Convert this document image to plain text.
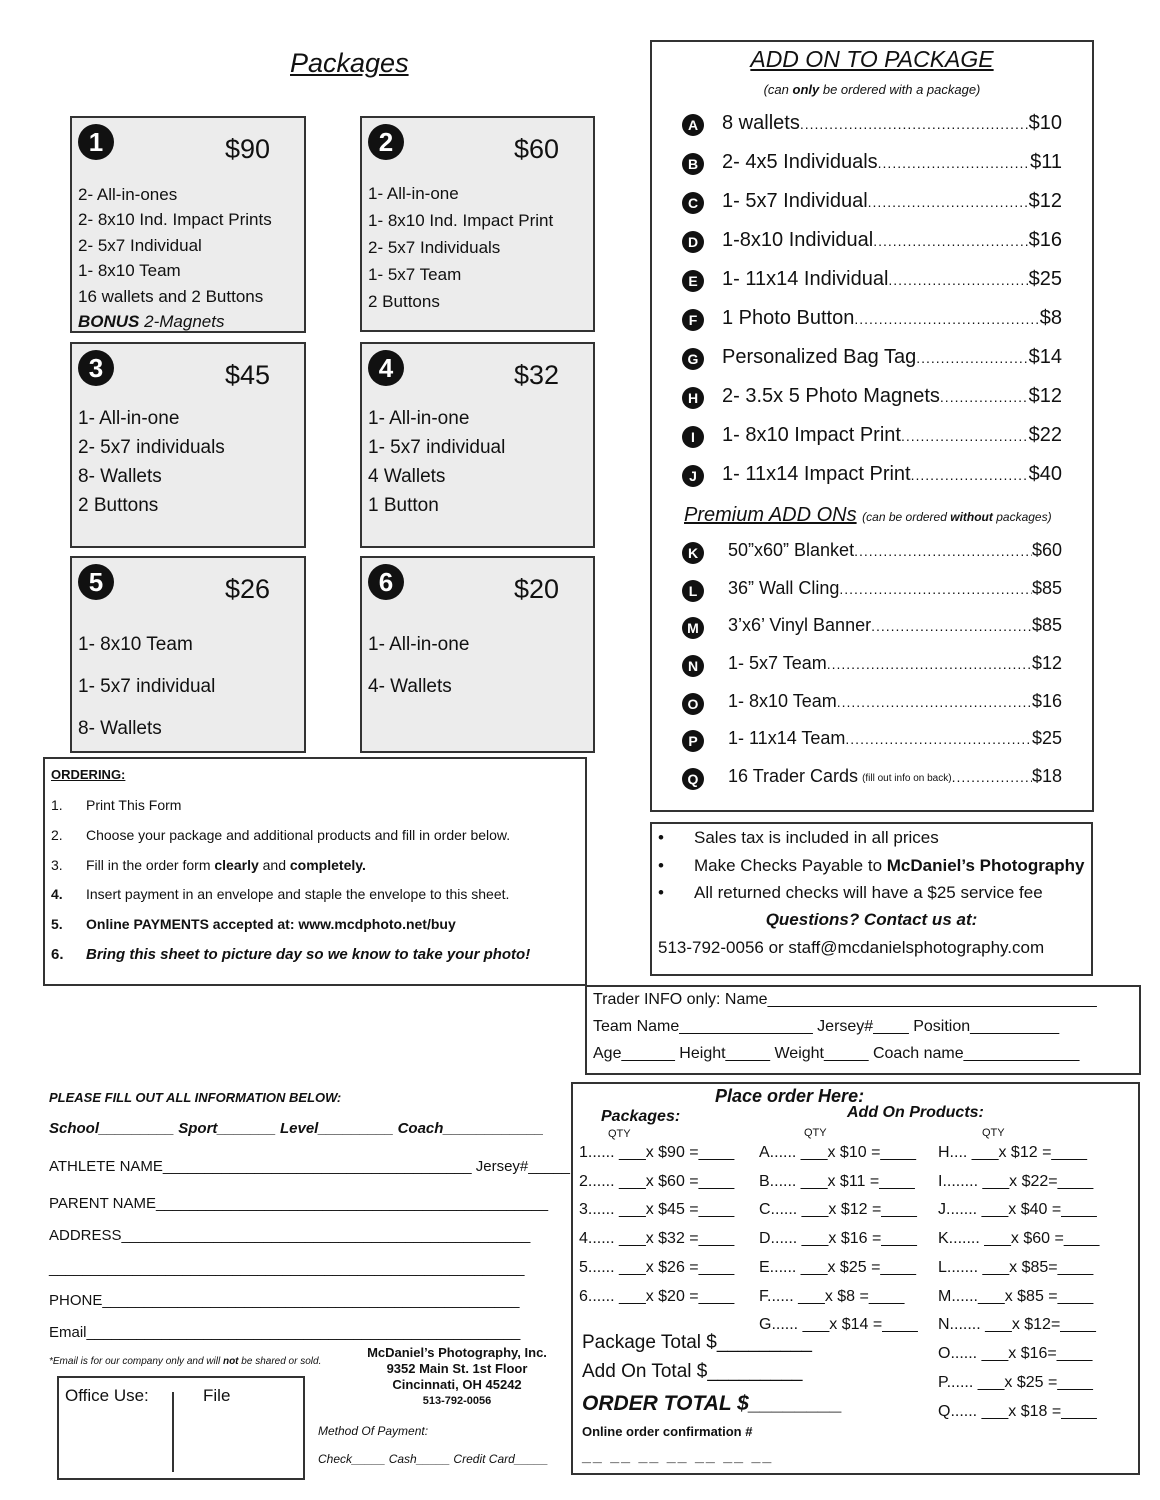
Packages
1	$90
2- All-in-ones
2- 8x10 Ind. Impact Prints
2- 5x7 Individual
1- 8x10 Team
16 wallets and 2 Buttons
BONUS 2-Magnets
2	$60
1- All-in-one
1- 8x10 Ind. Impact Print
2- 5x7 Individuals
1- 5x7 Team
2 Buttons
3	$45
1- All-in-one
2- 5x7 individuals
8- Wallets
2 Buttons
4	$32
1- All-in-one
1- 5x7 individual
4 Wallets
1 Button
5	$26
1- 8x10 Team
1- 5x7 individual
8- Wallets
6	$20
1- All-in-one
4- Wallets
ADD ON TO PACKAGE
(can only be ordered with a package)
A 8 wallets .....	$10
B 2- 4x5 Individuals .....	$11
C 1- 5x7 Individual .....	$12
D 1-8x10 Individual .....	$16
E	1- 11x14 Individual .....	$25
F	1 Photo Button .....	$8
G Personalized Bag Tag .....	$14
H 2- 3.5x 5 Photo Magnets .....	$12
I	1- 8x10 Impact Print .....	$22
J	1- 11x14 Impact Print .....	$40
Premium ADD ONs (can be ordered without packages)
K	50”x60” Blanket .....	$60
L	36” Wall Cling .....	$85
M 3’x6’ Vinyl Banner .....	$85
N	1- 5x7 Team .....	$12
O	1- 8x10 Team .....	$16
P	1- 11x14 Team .....	$25
Q	16 Trader Cards (fill out info on back) .....	$18
• Sales tax is included in all prices
• Make Checks Payable to McDaniel’s Photography
• All returned checks will have a $25 service fee
Questions? Contact us at:
513-792-0056 or staff@mcdanielsphotography.com
ORDERING:
1. Print This Form
2. Choose your package and additional products and fill in order below.
3. Fill in the order form clearly and completely.
4. Insert payment in an envelope and staple the envelope to this sheet.
5. Online PAYMENTS accepted at: www.mcdphoto.net/buy
6. Bring this sheet to picture day so we know to take your photo!
Trader INFO only: Name_____________________________________
Team Name_______________ Jersey#____ Position__________
Age______ Height_____ Weight_____ Coach name_____________
PLEASE FILL OUT ALL INFORMATION BELOW:
School_________ Sport_______ Level_________ Coach____________
ATHLETE NAME_____________________________________ Jersey#_____
PARENT NAME_______________________________________________
ADDRESS_________________________________________________
_________________________________________________________
PHONE__________________________________________________
Email____________________________________________________
*Email is for our company only and will not be shared or sold.
Office Use:	File
McDaniel’s Photography, Inc.
9352 Main St. 1st Floor
Cincinnati, OH 45242
513-792-0056
Method Of Payment:
Check_____ Cash_____ Credit Card_____
Place order Here:
Packages:	Add On Products:
QTY	QTY	QTY
1...... ___x $90 =____
2...... ___x $60 =____
3...... ___x $45 =____
4...... ___x $32 =____
5...... ___x $26 =____
6...... ___x $20 =____
A...... ___x $10 =____
B...... ___x $11 =____
C...... ___x $12 =____
D...... ___x $16 =____
E...... ___x $25 =____
F...... ___x $8 =____
G...... ___x $14 =____
H.... ___x $12 =____
I........ ___x $22=____
J....... ___x $40 =____
K....... ___x $60 =____
L....... ___x $85=____
M......___x $85 =____
N....... ___x $12=____
O...... ___x $16=____
P...... ___x $25 =____
Q...... ___x $18 =____
Package Total $_________
Add On Total $_________
ORDER TOTAL $________
Online order confirmation #
__ __ __ __ __ __ __
